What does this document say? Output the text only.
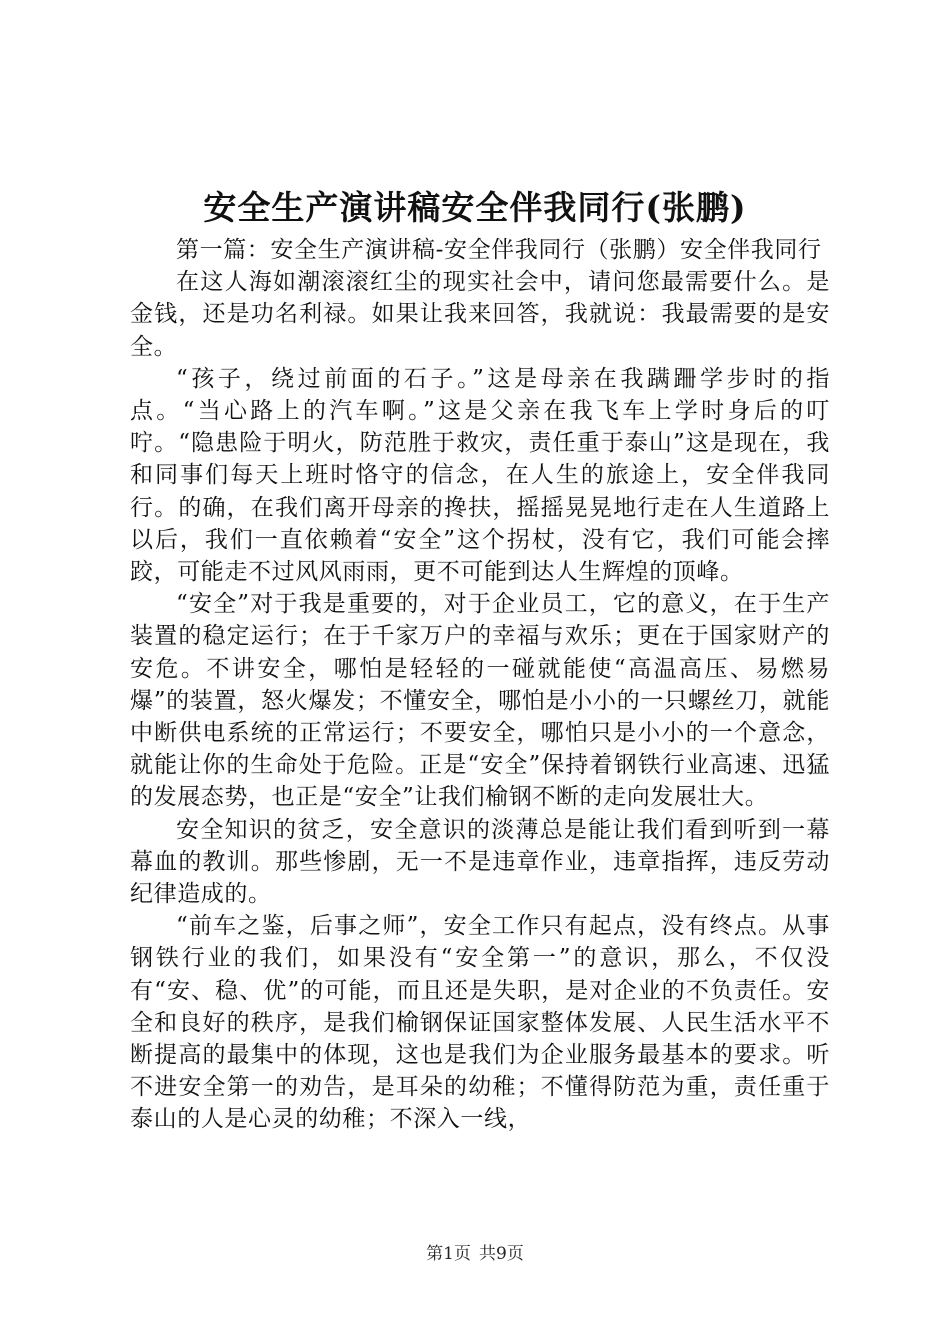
安全生产演讲稿安全伴我同行(张鹏)

第一篇：安全生产演讲稿-安全伴我同行（张鹏）安全伴我同行

在这人海如潮滚滚红尘的现实社会中，请问您最需要什么。是金钱，还是功名利禄。如果让我来回答，我就说：我最需要的是安全。

“孩子，绕过前面的石子。”这是母亲在我蹒跚学步时的指点。“当心路上的汽车啊。”这是父亲在我飞车上学时身后的叮咛。“隐患险于明火，防范胜于救灾，责任重于泰山”这是现在，我和同事们每天上班时恪守的信念，在人生的旅途上，安全伴我同行。的确，在我们离开母亲的搀扶，摇摇晃晃地行走在人生道路上以后，我们一直依赖着“安全”这个拐杖，没有它，我们可能会摔跤，可能走不过风风雨雨，更不可能到达人生辉煌的顶峰。

“安全”对于我是重要的，对于企业员工，它的意义，在于生产装置的稳定运行；在于千家万户的幸福与欢乐；更在于国家财产的安危。不讲安全，哪怕是轻轻的一碰就能使“高温高压、易燃易爆”的装置，怒火爆发；不懂安全，哪怕是小小的一只螺丝刀，就能中断供电系统的正常运行；不要安全，哪怕只是小小的一个意念，就能让你的生命处于危险。正是“安全”保持着钢铁行业高速、迅猛的发展态势，也正是“安全”让我们榆钢不断的走向发展壮大。

安全知识的贫乏，安全意识的淡薄总是能让我们看到听到一幕幕血的教训。那些惨剧，无一不是违章作业，违章指挥，违反劳动纪律造成的。

“前车之鉴，后事之师”，安全工作只有起点，没有终点。从事钢铁行业的我们，如果没有“安全第一”的意识，那么，不仅没有“安、稳、优”的可能，而且还是失职，是对企业的不负责任。安全和良好的秩序，是我们榆钢保证国家整体发展、人民生活水平不断提高的最集中的体现，这也是我们为企业服务最基本的要求。听不进安全第一的劝告，是耳朵的幼稚；不懂得防范为重，责任重于泰山的人是心灵的幼稚；不深入一线，

第1页 共9页
